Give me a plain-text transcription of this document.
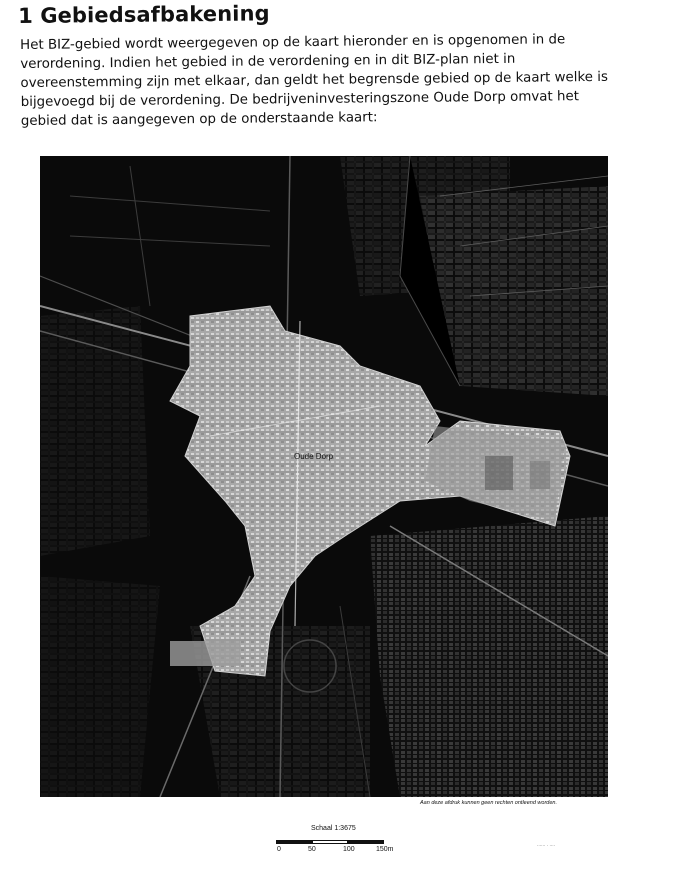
1 Gebiedsafbakening

Het BIZ-gebied wordt weergegeven op de kaart hieronder en is opgenomen in de verordening. Indien het gebied in de verordening en in dit BIZ-plan niet in overeenstemming zijn met elkaar, dan geldt het begrensde gebied op de kaart welke is bijgevoegd bij de verordening. De bedrijveninvesteringszone Oude Dorp omvat het gebied dat is aangegeven op de onderstaande kaart:

Oude Dorp

Aan deze afdruk kunnen geen rechten ontleend worden.

Schaal 1:3675

0	50	100	150m

...... . ....
